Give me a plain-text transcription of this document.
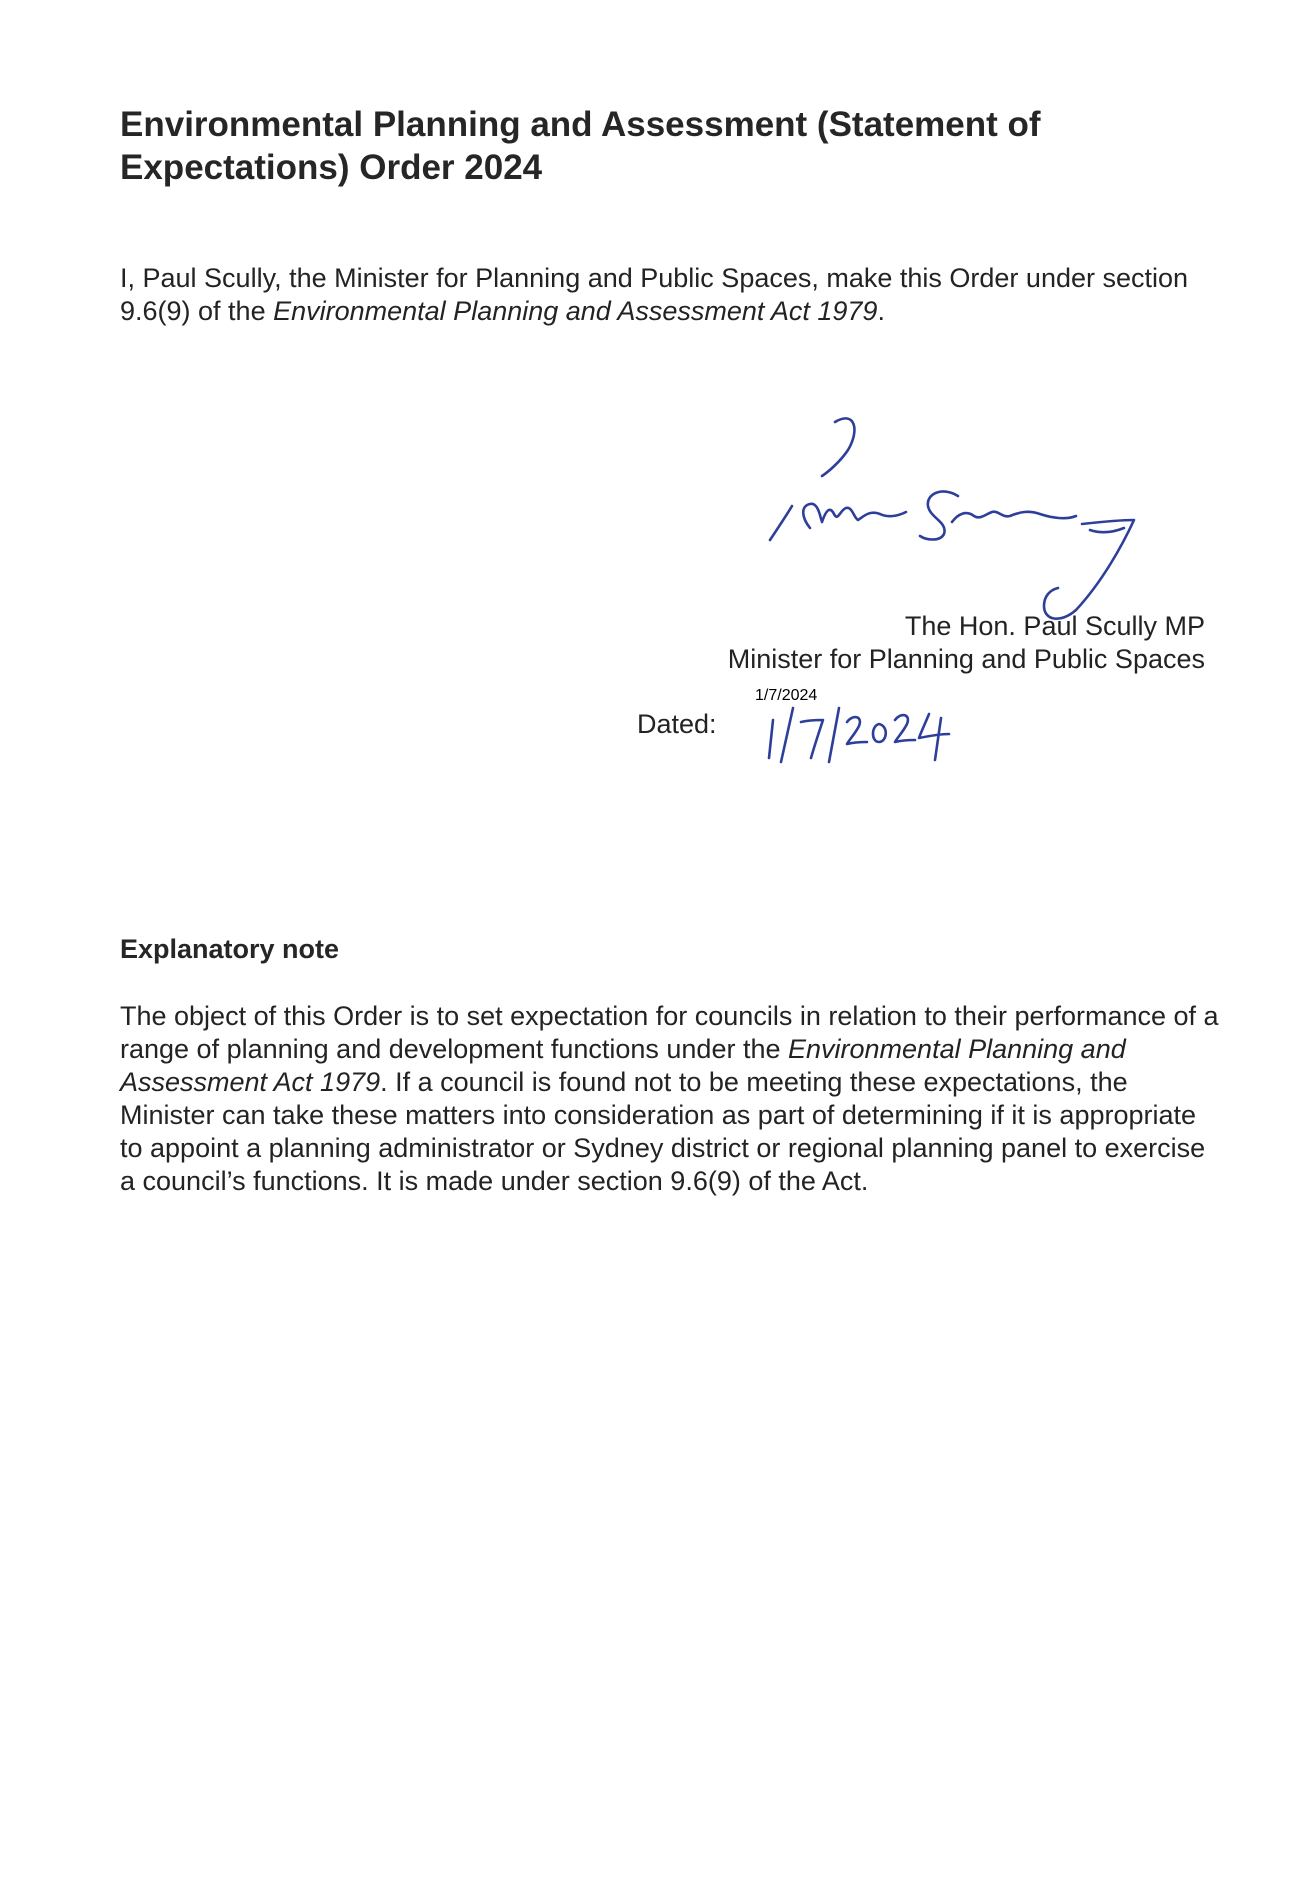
Environmental Planning and Assessment (Statement of Expectations) Order 2024

I, Paul Scully, the Minister for Planning and Public Spaces, make this Order under section 9.6(9) of the Environmental Planning and Assessment Act 1979.

The Hon. Paul Scully MP
Minister for Planning and Public Spaces
Dated:
1/7/2024
Explanatory note

The object of this Order is to set expectation for councils in relation to their performance of a range of planning and development functions under the Environmental Planning and Assessment Act 1979. If a council is found not to be meeting these expectations, the Minister can take these matters into consideration as part of determining if it is appropriate to appoint a planning administrator or Sydney district or regional planning panel to exercise a council’s functions. It is made under section 9.6(9) of the Act.
